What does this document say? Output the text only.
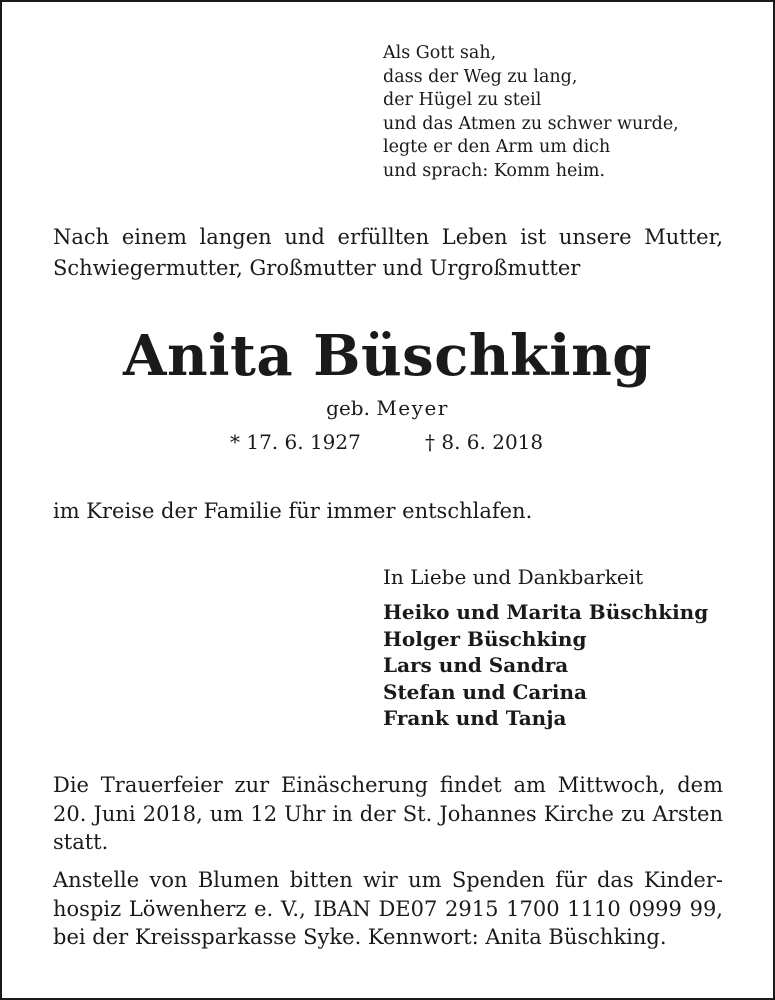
Als Gott sah,
dass der Weg zu lang,
der Hügel zu steil
und das Atmen zu schwer wurde,
legte er den Arm um dich
und sprach: Komm heim.
Nach einem langen und erfüllten Leben ist unsere Mutter,
Schwiegermutter, Großmutter und Urgroßmutter
Anita Büschking
geb. Meyer
* 17. 6. 1927	† 8. 6. 2018
im Kreise der Familie für immer entschlafen.
In Liebe und Dankbarkeit
Heiko und Marita Büschking
Holger Büschking
Lars und Sandra
Stefan und Carina
Frank und Tanja
Die Trauerfeier zur Einäscherung findet am Mittwoch, dem
20. Juni 2018, um 12 Uhr in der St. Johannes Kirche zu Arsten
statt.
Anstelle von Blumen bitten wir um Spenden für das Kinder-
hospiz Löwenherz e. V., IBAN DE07 2915 1700 1110 0999 99,
bei der Kreissparkasse Syke. Kennwort: Anita Büschking.
